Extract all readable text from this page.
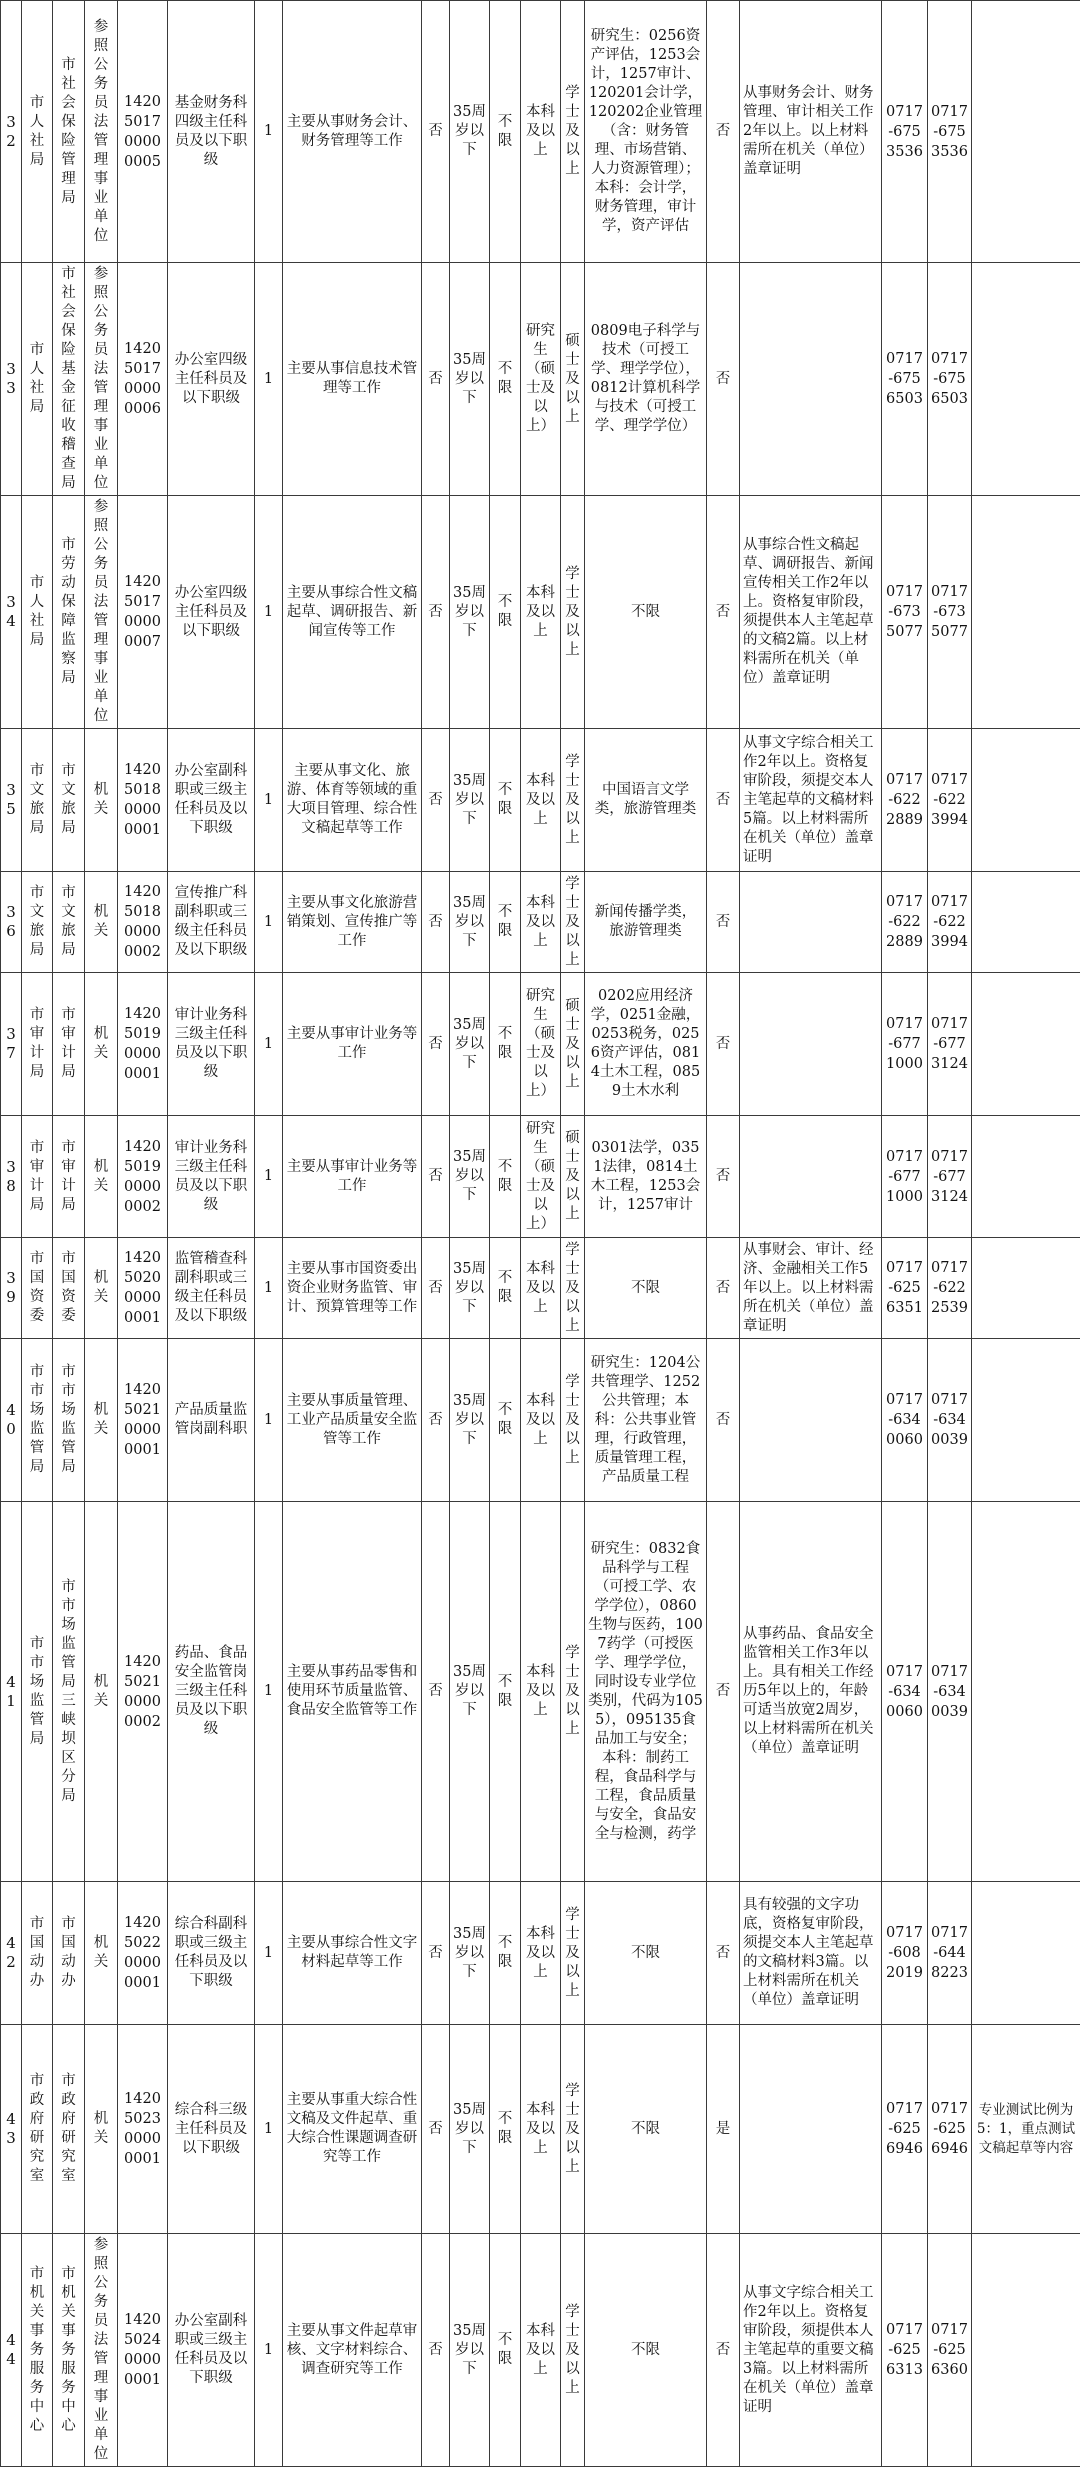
32	市人社局	市社会保险管理局	参照公务员法管理事业单位	1420501700000005	基金财务科四级主任科员及以下职级	1	主要从事财务会计、财务管理等工作	否	35周岁以下	不限	本科及以上	学士及以上	研究生：0256资产评估，1253会计，1257审计、120201会计学，120202企业管理（含：财务管理、市场营销、人力资源管理）；本科：会计学，财务管理，审计学，资产评估	否	从事财务会计、财务管理、审计相关工作2年以上。以上材料需所在机关（单位）盖章证明	0717-6753536	0717-6753536	
33	市人社局	市社会保险基金征收稽查局	参照公务员法管理事业单位	1420501700000006	办公室四级主任科员及以下职级	1	主要从事信息技术管理等工作	否	35周岁以下	不限	研究生（硕士及以上）	硕士及以上	0809电子科学与技术（可授工学、理学学位），0812计算机科学与技术（可授工学、理学学位）	否		0717-6756503	0717-6756503	
34	市人社局	市劳动保障监察局	参照公务员法管理事业单位	1420501700000007	办公室四级主任科员及以下职级	1	主要从事综合性文稿起草、调研报告、新闻宣传等工作	否	35周岁以下	不限	本科及以上	学士及以上	不限	否	从事综合性文稿起草、调研报告、新闻宣传相关工作2年以上。资格复审阶段，须提供本人主笔起草的文稿2篇。以上材料需所在机关（单位）盖章证明	0717-6735077	0717-6735077	
35	市文旅局	市文旅局	机关	1420501800000001	办公室副科职或三级主任科员及以下职级	1	主要从事文化、旅游、体育等领域的重大项目管理、综合性文稿起草等工作	否	35周岁以下	不限	本科及以上	学士及以上	中国语言文学类，旅游管理类	否	从事文字综合相关工作2年以上。资格复审阶段，须提交本人主笔起草的文稿材料5篇。以上材料需所在机关（单位）盖章证明	0717-6222889	0717-6223994	
36	市文旅局	市文旅局	机关	1420501800000002	宣传推广科副科职或三级主任科员及以下职级	1	主要从事文化旅游营销策划、宣传推广等工作	否	35周岁以下	不限	本科及以上	学士及以上	新闻传播学类，旅游管理类	否		0717-6222889	0717-6223994	
37	市审计局	市审计局	机关	1420501900000001	审计业务科三级主任科员及以下职级	1	主要从事审计业务等工作	否	35周岁以下	不限	研究生（硕士及以上）	硕士及以上	0202应用经济学，0251金融，0253税务，0256资产评估，0814土木工程，0859土木水利	否		0717-6771000	0717-6773124	
38	市审计局	市审计局	机关	1420501900000002	审计业务科三级主任科员及以下职级	1	主要从事审计业务等工作	否	35周岁以下	不限	研究生（硕士及以上）	硕士及以上	0301法学，0351法律，0814土木工程，1253会计，1257审计	否		0717-6771000	0717-6773124	
39	市国资委	市国资委	机关	1420502000000001	监管稽查科副科职或三级主任科员及以下职级	1	主要从事市国资委出资企业财务监管、审计、预算管理等工作	否	35周岁以下	不限	本科及以上	学士及以上	不限	否	从事财会、审计、经济、金融相关工作5年以上。以上材料需所在机关（单位）盖章证明	0717-6256351	0717-6222539	
40	市市场监管局	市市场监管局	机关	1420502100000001	产品质量监管岗副科职	1	主要从事质量管理、工业产品质量安全监管等工作	否	35周岁以下	不限	本科及以上	学士及以上	研究生：1204公共管理学、1252公共管理；本科：公共事业管理，行政管理，质量管理工程，产品质量工程	否		0717-6340060	0717-6340039	
41	市市场监管局	市市场监管局三峡坝区分局	机关	1420502100000002	药品、食品安全监管岗三级主任科员及以下职级	1	主要从事药品零售和使用环节质量监管、食品安全监管等工作	否	35周岁以下	不限	本科及以上	学士及以上	研究生：0832食品科学与工程（可授工学、农学学位），0860生物与医药，1007药学（可授医学、理学学位，同时设专业学位类别，代码为1055），095135食品加工与安全；本科：制药工程，食品科学与工程，食品质量与安全，食品安全与检测，药学	否	从事药品、食品安全监管相关工作3年以上。具有相关工作经历5年以上的，年龄可适当放宽2周岁，以上材料需所在机关（单位）盖章证明	0717-6340060	0717-6340039	
42	市国动办	市国动办	机关	1420502200000001	综合科副科职或三级主任科员及以下职级	1	主要从事综合性文字材料起草等工作	否	35周岁以下	不限	本科及以上	学士及以上	不限	否	具有较强的文字功底，资格复审阶段，须提交本人主笔起草的文稿材料3篇。以上材料需所在机关（单位）盖章证明	0717-6082019	0717-6448223	
43	市政府研究室	市政府研究室	机关	1420502300000001	综合科三级主任科员及以下职级	1	主要从事重大综合性文稿及文件起草、重大综合性课题调查研究等工作	否	35周岁以下	不限	本科及以上	学士及以上	不限	是		0717-6256946	0717-6256946	专业测试比例为5：1，重点测试文稿起草等内容
44	市机关事务服务中心	市机关事务服务中心	参照公务员法管理事业单位	1420502400000001	办公室副科职或三级主任科员及以下职级	1	主要从事文件起草审核、文字材料综合、调查研究等工作	否	35周岁以下	不限	本科及以上	学士及以上	不限	否	从事文字综合相关工作2年以上。资格复审阶段，须提供本人主笔起草的重要文稿3篇。以上材料需所在机关（单位）盖章证明	0717-6256313	0717-6256360	
